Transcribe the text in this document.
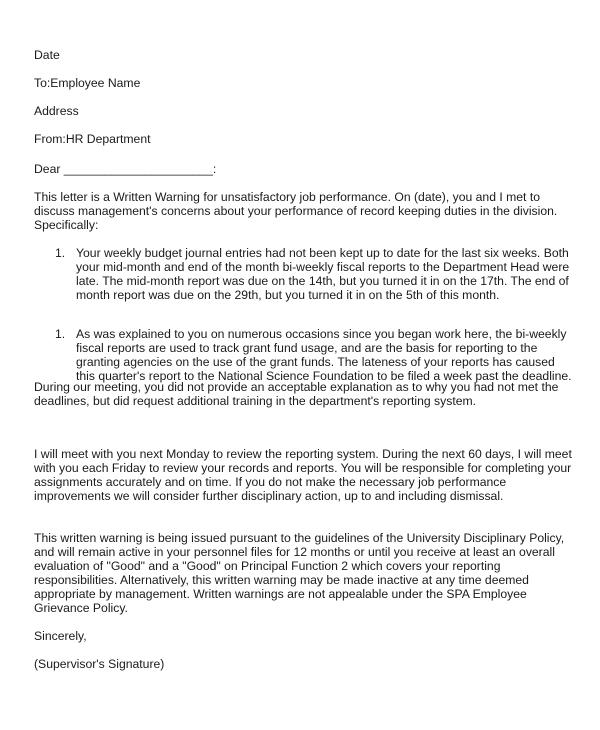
Date

To:Employee Name

Address

From:HR Department

Dear ______________________:

This letter is a Written Warning for unsatisfactory job performance. On (date), you and I met to discuss management's concerns about your performance of record keeping duties in the division. Specifically:

1. Your weekly budget journal entries had not been kept up to date for the last six weeks. Both your mid-month and end of the month bi-weekly fiscal reports to the Department Head were late. The mid-month report was due on the 14th, but you turned it in on the 17th. The end of month report was due on the 29th, but you turned it in on the 5th of this month.
1. As was explained to you on numerous occasions since you began work here, the bi-weekly fiscal reports are used to track grant fund usage, and are the basis for reporting to the granting agencies on the use of the grant funds. The lateness of your reports has caused this quarter's report to the National Science Foundation to be filed a week past the deadline.

During our meeting, you did not provide an acceptable explanation as to why you had not met the deadlines, but did request additional training in the department's reporting system.

I will meet with you next Monday to review the reporting system. During the next 60 days, I will meet with you each Friday to review your records and reports. You will be responsible for completing your assignments accurately and on time. If you do not make the necessary job performance improvements we will consider further disciplinary action, up to and including dismissal.

This written warning is being issued pursuant to the guidelines of the University Disciplinary Policy, and will remain active in your personnel files for 12 months or until you receive at least an overall evaluation of "Good" and a "Good" on Principal Function 2 which covers your reporting responsibilities. Alternatively, this written warning may be made inactive at any time deemed appropriate by management. Written warnings are not appealable under the SPA Employee Grievance Policy.

Sincerely,

(Supervisor's Signature)
